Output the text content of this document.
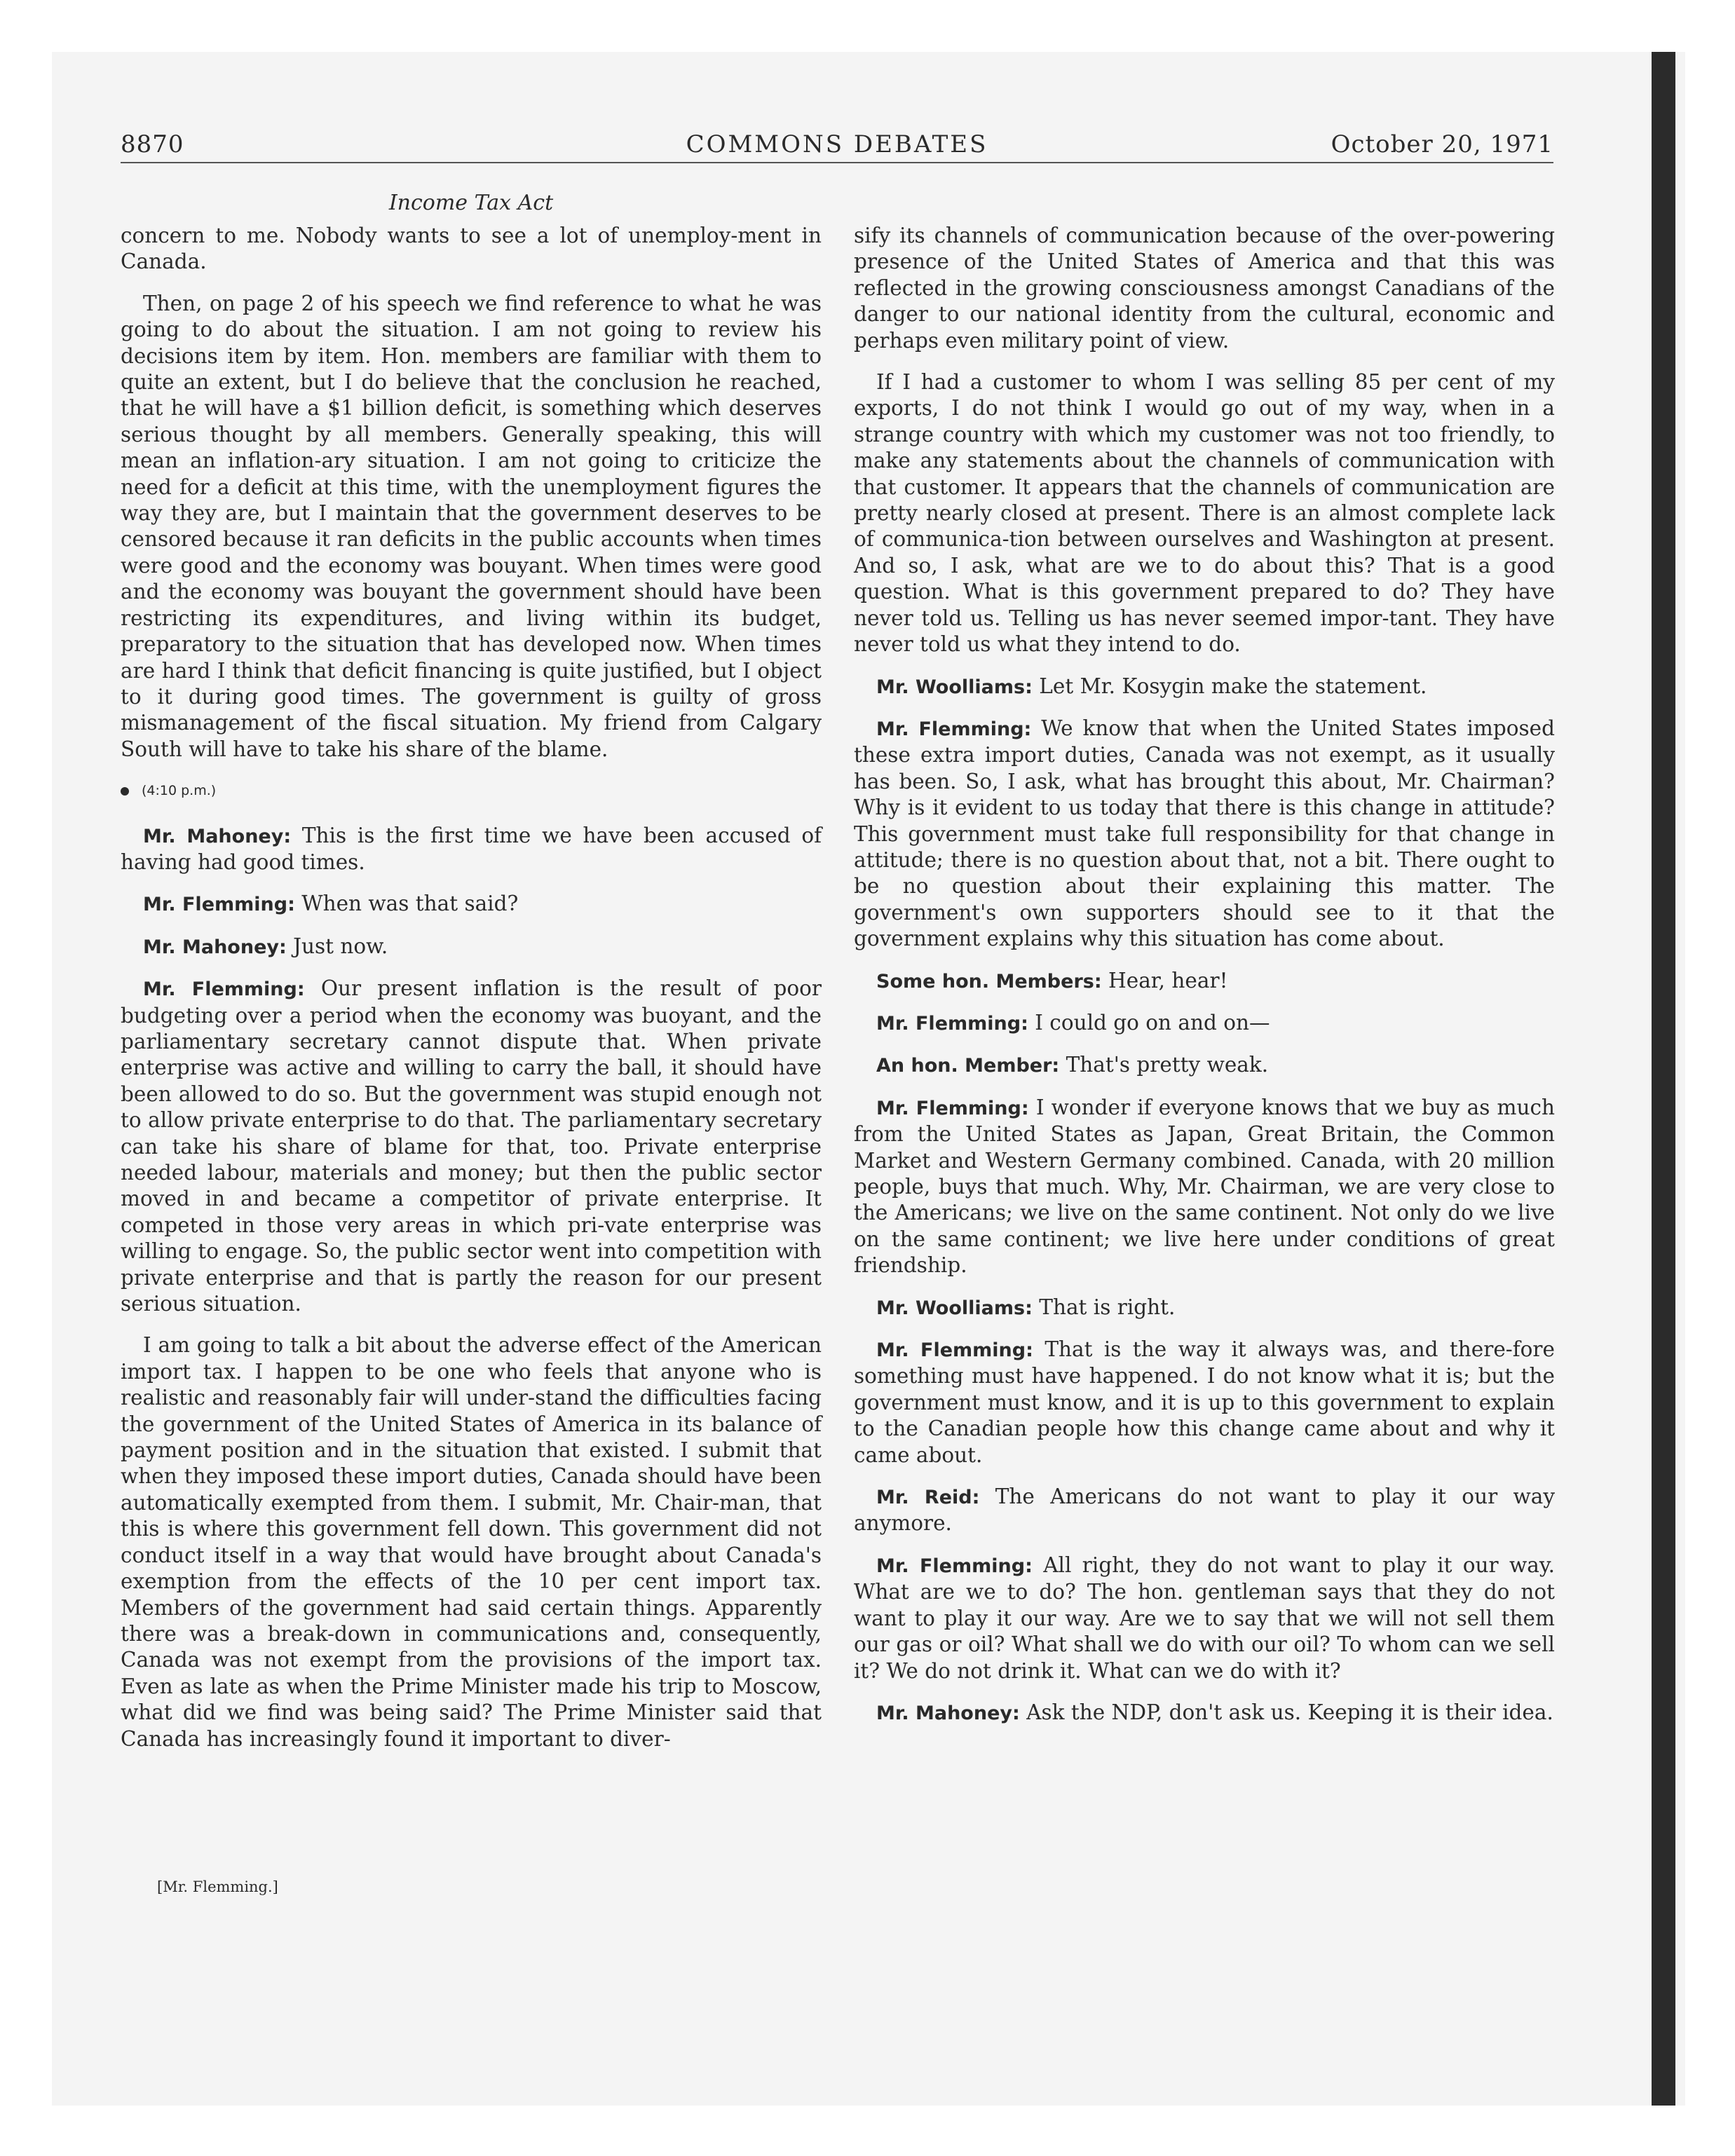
8870	COMMONS DEBATES	October 20, 1971
Income Tax Act

concern to me. Nobody wants to see a lot of unemploy-ment in Canada.

Then, on page 2 of his speech we find reference to what he was going to do about the situation. I am not going to review his decisions item by item. Hon. members are familiar with them to quite an extent, but I do believe that the conclusion he reached, that he will have a $1 billion deficit, is something which deserves serious thought by all members. Generally speaking, this will mean an inflation-ary situation. I am not going to criticize the need for a deficit at this time, with the unemployment figures the way they are, but I maintain that the government deserves to be censored because it ran deficits in the public accounts when times were good and the economy was bouyant. When times were good and the economy was bouyant the government should have been restricting its expenditures, and living within its budget, preparatory to the situation that has developed now. When times are hard I think that deficit financing is quite justified, but I object to it during good times. The government is guilty of gross mismanagement of the fiscal situation. My friend from Calgary South will have to take his share of the blame.

(4:10 p.m.)

Mr. Mahoney: This is the first time we have been accused of having had good times.

Mr. Flemming: When was that said?

Mr. Mahoney: Just now.

Mr. Flemming: Our present inflation is the result of poor budgeting over a period when the economy was buoyant, and the parliamentary secretary cannot dispute that. When private enterprise was active and willing to carry the ball, it should have been allowed to do so. But the government was stupid enough not to allow private enterprise to do that. The parliamentary secretary can take his share of blame for that, too. Private enterprise needed labour, materials and money; but then the public sector moved in and became a competitor of private enterprise. It competed in those very areas in which pri-vate enterprise was willing to engage. So, the public sector went into competition with private enterprise and that is partly the reason for our present serious situation.

I am going to talk a bit about the adverse effect of the American import tax. I happen to be one who feels that anyone who is realistic and reasonably fair will under-stand the difficulties facing the government of the United States of America in its balance of payment position and in the situation that existed. I submit that when they imposed these import duties, Canada should have been automatically exempted from them. I submit, Mr. Chair-man, that this is where this government fell down. This government did not conduct itself in a way that would have brought about Canada's exemption from the effects of the 10 per cent import tax. Members of the government had said certain things. Apparently there was a break-down in communications and, consequently, Canada was not exempt from the provisions of the import tax. Even as late as when the Prime Minister made his trip to Moscow, what did we find was being said? The Prime Minister said that Canada has increasingly found it important to diver-

[Mr. Flemming.]

sify its channels of communication because of the over-powering presence of the United States of America and that this was reflected in the growing consciousness amongst Canadians of the danger to our national identity from the cultural, economic and perhaps even military point of view.

If I had a customer to whom I was selling 85 per cent of my exports, I do not think I would go out of my way, when in a strange country with which my customer was not too friendly, to make any statements about the channels of communication with that customer. It appears that the channels of communication are pretty nearly closed at present. There is an almost complete lack of communica-tion between ourselves and Washington at present. And so, I ask, what are we to do about this? That is a good question. What is this government prepared to do? They have never told us. Telling us has never seemed impor-tant. They have never told us what they intend to do.

Mr. Woolliams: Let Mr. Kosygin make the statement.

Mr. Flemming: We know that when the United States imposed these extra import duties, Canada was not exempt, as it usually has been. So, I ask, what has brought this about, Mr. Chairman? Why is it evident to us today that there is this change in attitude? This government must take full responsibility for that change in attitude; there is no question about that, not a bit. There ought to be no question about their explaining this matter. The government's own supporters should see to it that the government explains why this situation has come about.

Some hon. Members: Hear, hear!

Mr. Flemming: I could go on and on—

An hon. Member: That's pretty weak.

Mr. Flemming: I wonder if everyone knows that we buy as much from the United States as Japan, Great Britain, the Common Market and Western Germany combined. Canada, with 20 million people, buys that much. Why, Mr. Chairman, we are very close to the Americans; we live on the same continent. Not only do we live on the same continent; we live here under conditions of great friendship.

Mr. Woolliams: That is right.

Mr. Flemming: That is the way it always was, and there-fore something must have happened. I do not know what it is; but the government must know, and it is up to this government to explain to the Canadian people how this change came about and why it came about.

Mr. Reid: The Americans do not want to play it our way anymore.

Mr. Flemming: All right, they do not want to play it our way. What are we to do? The hon. gentleman says that they do not want to play it our way. Are we to say that we will not sell them our gas or oil? What shall we do with our oil? To whom can we sell it? We do not drink it. What can we do with it?

Mr. Mahoney: Ask the NDP, don't ask us. Keeping it is their idea.
